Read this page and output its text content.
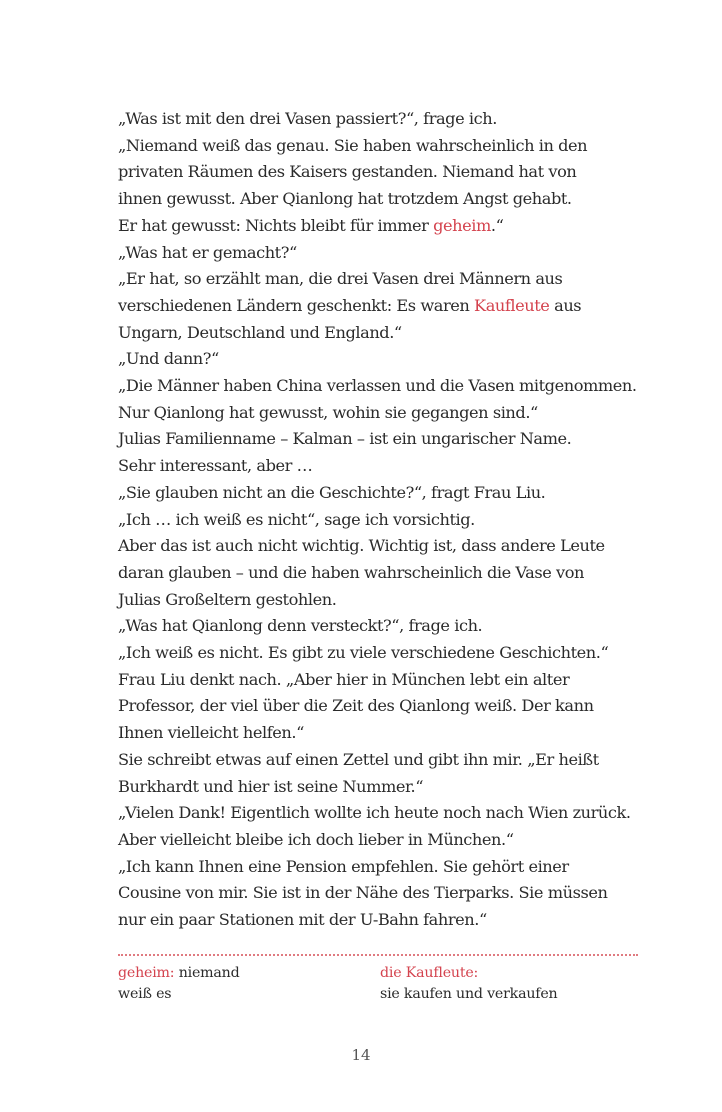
„Was ist mit den drei Vasen passiert?“, frage ich.
„Niemand weiß das genau. Sie haben wahrscheinlich in den
privaten Räumen des Kaisers gestanden. Niemand hat von
ihnen gewusst. Aber Qianlong hat trotzdem Angst gehabt.
Er hat gewusst: Nichts bleibt für immer geheim.“
„Was hat er gemacht?“
„Er hat, so erzählt man, die drei Vasen drei Männern aus
verschiedenen Ländern geschenkt: Es waren Kaufleute aus
Ungarn, Deutschland und England.“
„Und dann?“
„Die Männer haben China verlassen und die Vasen mitgenommen.
Nur Qianlong hat gewusst, wohin sie gegangen sind.“
Julias Familienname – Kalman – ist ein ungarischer Name.
Sehr interessant, aber …
„Sie glauben nicht an die Geschichte?“, fragt Frau Liu.
„Ich … ich weiß es nicht“, sage ich vorsichtig.
Aber das ist auch nicht wichtig. Wichtig ist, dass andere Leute
daran glauben – und die haben wahrscheinlich die Vase von
Julias Großeltern gestohlen.
„Was hat Qianlong denn versteckt?“, frage ich.
„Ich weiß es nicht. Es gibt zu viele verschiedene Geschichten.“
Frau Liu denkt nach. „Aber hier in München lebt ein alter
Professor, der viel über die Zeit des Qianlong weiß. Der kann
Ihnen vielleicht helfen.“
Sie schreibt etwas auf einen Zettel und gibt ihn mir. „Er heißt
Burkhardt und hier ist seine Nummer.“
„Vielen Dank! Eigentlich wollte ich heute noch nach Wien zurück.
Aber vielleicht bleibe ich doch lieber in München.“
„Ich kann Ihnen eine Pension empfehlen. Sie gehört einer
Cousine von mir. Sie ist in der Nähe des Tierparks. Sie müssen
nur ein paar Stationen mit der U-Bahn fahren.“
geheim: niemand
weiß es
die Kaufleute:
sie kaufen und verkaufen
14
